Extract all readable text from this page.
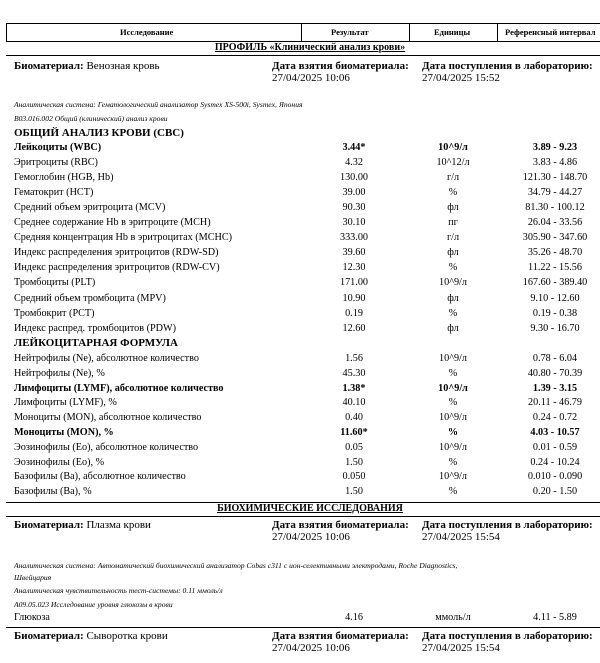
Исследование	Результат	Единицы	Референсный интервал
ПРОФИЛЬ «Клинический анализ крови»
Биоматериал: Венозная кровь	Дата взятия биоматериала:
27/04/2025 10:06
Дата поступления в лабораторию:
27/04/2025 15:52
Аналитическая система: Гематологический анализатор Sysmex XS-500i, Sysmex, Япония
B03.016.002 Общий (клинический) анализ крови
ОБЩИЙ АНАЛИЗ КРОВИ (CBC)
Лейкоциты (WBC)	3.44*	10^9/л	3.89 - 9.23
Эритроциты (RBC)	4.32	10^12/л	3.83 - 4.86
Гемоглобин (HGB, Hb)	130.00	г/л	121.30 - 148.70
Гематокрит (HCT)	39.00	%	34.79 - 44.27
Средний объем эритроцита (MCV)	90.30	фл	81.30 - 100.12
Среднее содержание Hb в эритроците (MCH)	30.10	пг	26.04 - 33.56
Средняя концентрация Hb в эритроцитах (MCHC)	333.00	г/л	305.90 - 347.60
Индекс распределения эритроцитов (RDW-SD)	39.60	фл	35.26 - 48.70
Индекс распределения эритроцитов (RDW-CV)	12.30	%	11.22 - 15.56
Тромбоциты (PLT)	171.00	10^9/л	167.60 - 389.40
Средний объем тромбоцита (MPV)	10.90	фл	9.10 - 12.60
Тромбокрит (PCT)	0.19	%	0.19 - 0.38
Индекс распред. тромбоцитов (PDW)	12.60	фл	9.30 - 16.70
ЛЕЙКОЦИТАРНАЯ ФОРМУЛА
Нейтрофилы (Ne), абсолютное количество	1.56	10^9/л	0.78 - 6.04
Нейтрофилы (Ne), %	45.30	%	40.80 - 70.39
Лимфоциты (LYMF), абсолютное количество	1.38*	10^9/л	1.39 - 3.15
Лимфоциты (LYMF), %	40.10	%	20.11 - 46.79
Моноциты (MON), абсолютное количество	0.40	10^9/л	0.24 - 0.72
Моноциты (MON), %	11.60*	%	4.03 - 10.57
Эозинофилы (Eo), абсолютное количество	0.05	10^9/л	0.01 - 0.59
Эозинофилы (Eo), %	1.50	%	0.24 - 10.24
Базофилы (Ba), абсолютное количество	0.050	10^9/л	0.010 - 0.090
Базофилы (Ba), %	1.50	%	0.20 - 1.50
БИОХИМИЧЕСКИЕ ИССЛЕДОВАНИЯ
Биоматериал: Плазма крови	Дата взятия биоматериала:
27/04/2025 10:06
Дата поступления в лабораторию:
27/04/2025 15:54
Аналитическая система: Автоматический биохимический анализатор Cobas c311 с ион-селективными электродами, Roche Diagnostics,
Швейцария
Аналитическая чувствительность тест-системы: 0.11 ммоль/л
A09.05.023 Исследование уровня глюкозы в крови
Глюкоза	4.16	ммоль/л	4.11 - 5.89
Биоматериал: Сыворотка крови	Дата взятия биоматериала:
27/04/2025 10:06
Дата поступления в лабораторию:
27/04/2025 15:54
